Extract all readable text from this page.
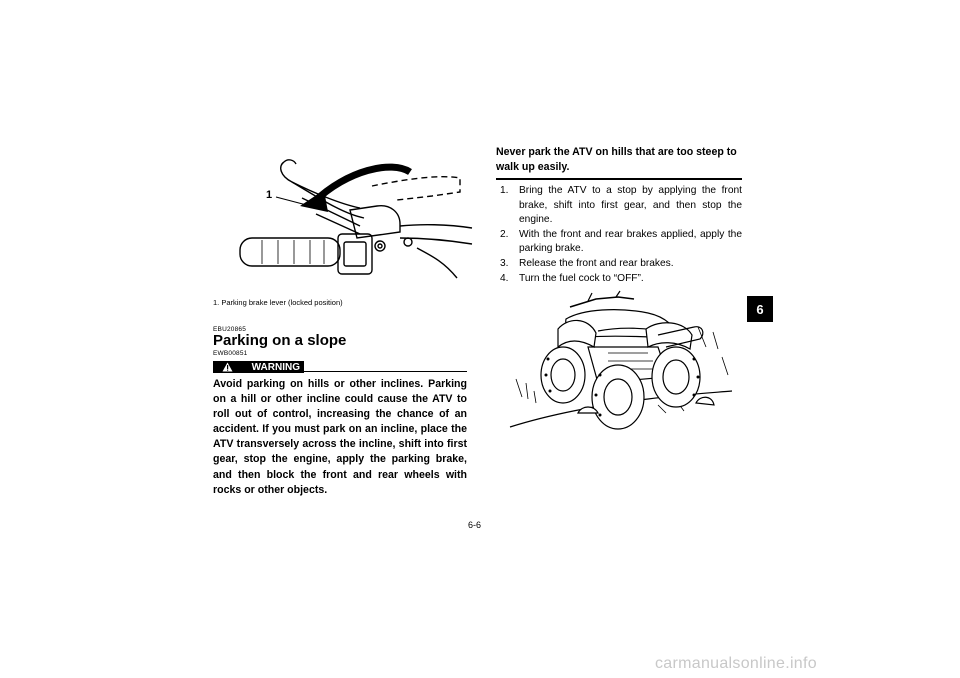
1
1. Parking brake lever (locked position)
EBU20865
Parking on a slope
EWB00851
WARNING
Avoid parking on hills or other inclines. Parking on a hill or other incline could cause the ATV to roll out of control, increasing the chance of an accident. If you must park on an incline, place the ATV transversely across the incline, shift into first gear, stop the engine, apply the parking brake, and then block the front and rear wheels with rocks or other objects.
Never park the ATV on hills that are too steep to walk up easily.
1. Bring the ATV to a stop by applying the front brake, shift into first gear, and then stop the engine.
2. With the front and rear brakes applied, apply the parking brake.
3. Release the front and rear brakes.
4. Turn the fuel cock to “OFF”.
6
6-6
carmanualsonline.info
